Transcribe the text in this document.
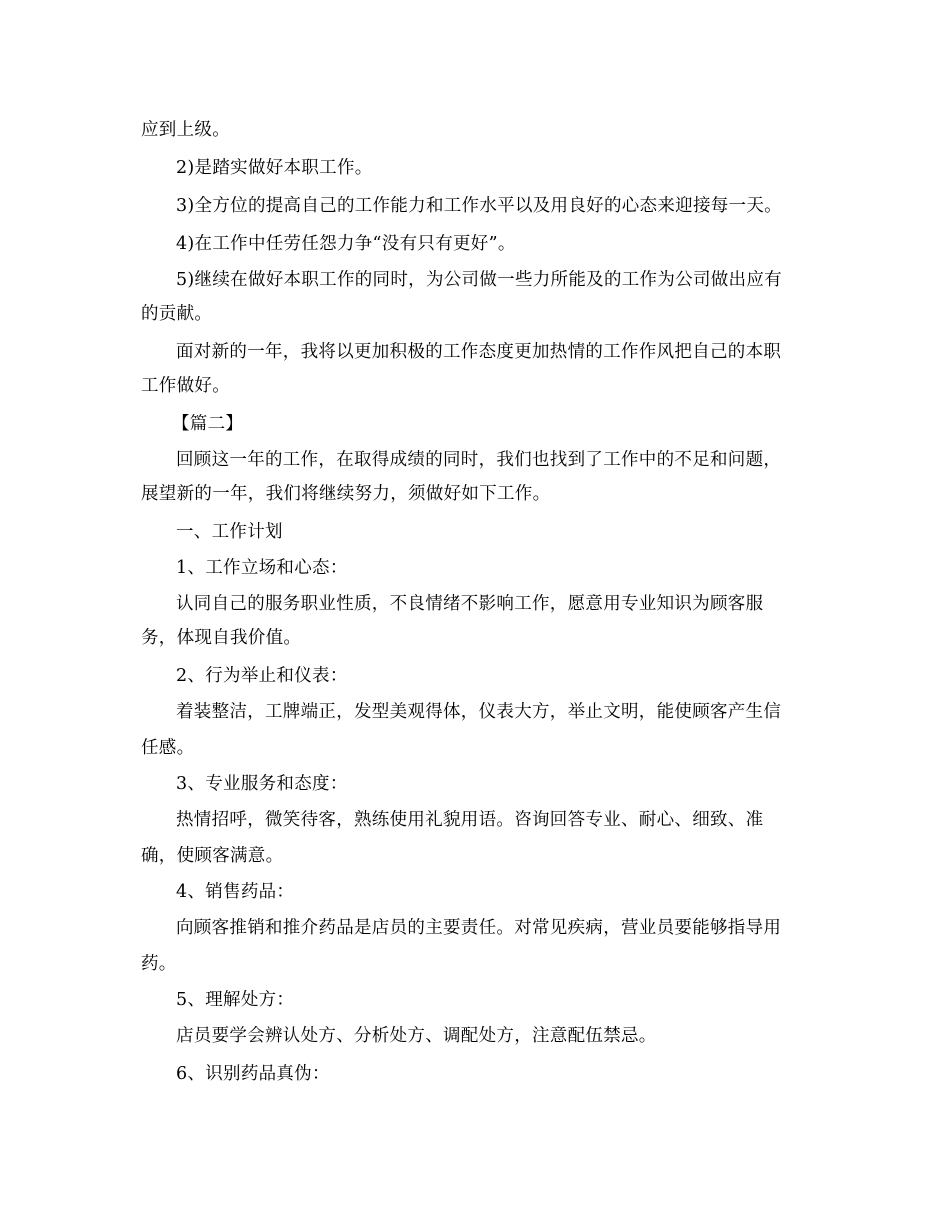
应到上级。
2)是踏实做好本职工作。
3)全方位的提高自己的工作能力和工作水平以及用良好的心态来迎接每一天。
4)在工作中任劳任怨力争“没有只有更好”。
5)继续在做好本职工作的同时，为公司做一些力所能及的工作为公司做出应有
的贡献。
面对新的一年，我将以更加积极的工作态度更加热情的工作作风把自己的本职
工作做好。
【篇二】
回顾这一年的工作，在取得成绩的同时，我们也找到了工作中的不足和问题，
展望新的一年，我们将继续努力，须做好如下工作。
一、工作计划
1、工作立场和心态：
认同自己的服务职业性质，不良情绪不影响工作，愿意用专业知识为顾客服
务，体现自我价值。
2、行为举止和仪表：
着装整洁，工牌端正，发型美观得体，仪表大方，举止文明，能使顾客产生信
任感。
3、专业服务和态度：
热情招呼，微笑待客，熟练使用礼貌用语。咨询回答专业、耐心、细致、准
确，使顾客满意。
4、销售药品：
向顾客推销和推介药品是店员的主要责任。对常见疾病，营业员要能够指导用
药。
5、理解处方：
店员要学会辨认处方、分析处方、调配处方，注意配伍禁忌。
6、识别药品真伪：
